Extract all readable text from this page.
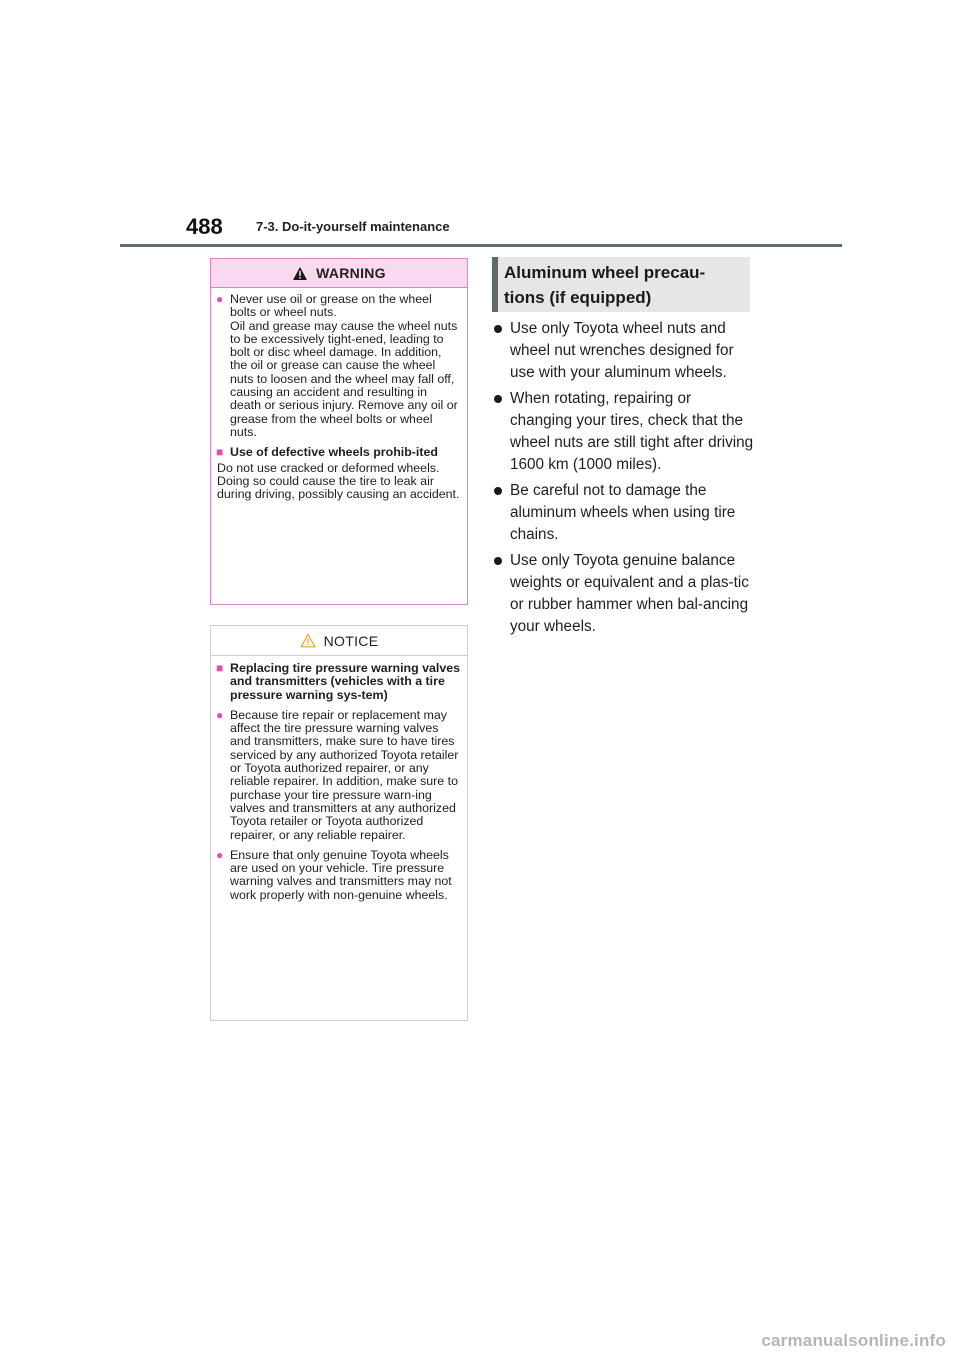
488	7-3. Do-it-yourself maintenance
WARNING
● Never use oil or grease on the wheel bolts or wheel nuts.
Oil and grease may cause the wheel nuts to be excessively tight-ened, leading to bolt or disc wheel damage. In addition, the oil or grease can cause the wheel nuts to loosen and the wheel may fall off, causing an accident and resulting in death or serious injury. Remove any oil or grease from the wheel bolts or wheel nuts.
■ Use of defective wheels prohib-ited
Do not use cracked or deformed wheels. Doing so could cause the tire to leak air during driving, possibly causing an accident.
NOTICE
■ Replacing tire pressure warning valves and transmitters (vehicles with a tire pressure warning sys-tem)
● Because tire repair or replacement may affect the tire pressure warning valves and transmitters, make sure to have tires serviced by any authorized Toyota retailer or Toyota authorized repairer, or any reliable repairer. In addition, make sure to purchase your tire pressure warn-ing valves and transmitters at any authorized Toyota retailer or Toyota authorized repairer, or any reliable repairer.
● Ensure that only genuine Toyota wheels are used on your vehicle. Tire pressure warning valves and transmitters may not work properly with non-genuine wheels.
Aluminum wheel precau-
tions (if equipped)
Use only Toyota wheel nuts and wheel nut wrenches designed for use with your aluminum wheels.
When rotating, repairing or changing your tires, check that the wheel nuts are still tight after driving 1600 km (1000 miles).
Be careful not to damage the aluminum wheels when using tire chains.
Use only Toyota genuine balance weights or equivalent and a plas-tic or rubber hammer when bal-ancing your wheels.
carmanualsonline.info
